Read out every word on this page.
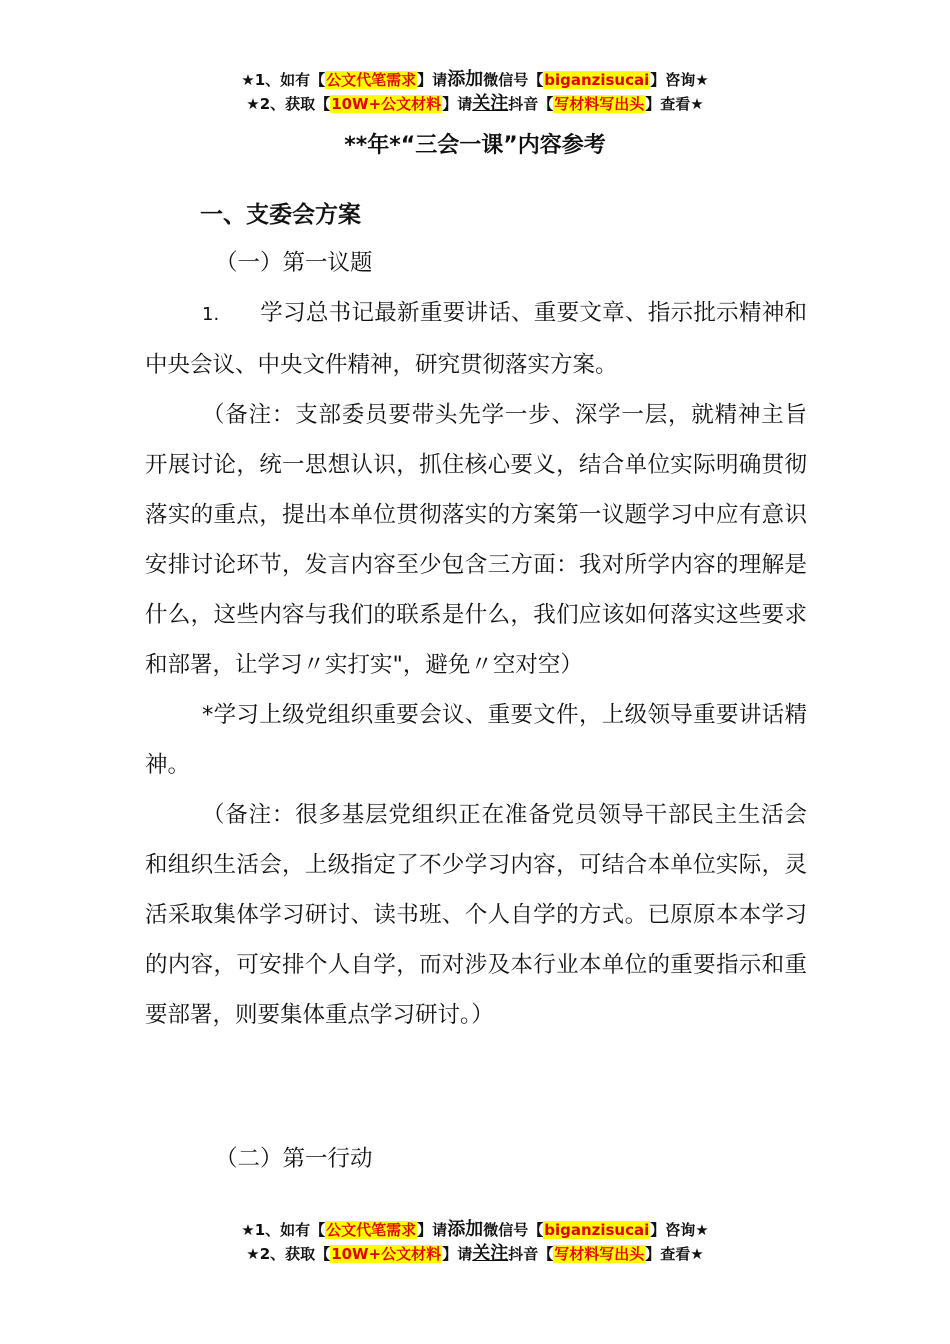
★1、如有【公文代笔需求】请添加微信号【biganzisucai】咨询★
★2、获取【10W+公文材料】请关注抖音【写材料写出头】查看★
**年*“三会一课”内容参考
一、支委会方案
（一）第一议题

1. 学习总书记最新重要讲话、重要文章、指示批示精神和中央会议、中央文件精神，研究贯彻落实方案。

（备注：支部委员要带头先学一步、深学一层，就精神主旨开展讨论，统一思想认识，抓住核心要义，结合单位实际明确贯彻落实的重点，提出本单位贯彻落实的方案第一议题学习中应有意识安排讨论环节，发言内容至少包含三方面：我对所学内容的理解是什么，这些内容与我们的联系是什么，我们应该如何落实这些要求和部署，让学习〃实打实"，避免〃空对空）

*学习上级党组织重要会议、重要文件，上级领导重要讲话精神。

（备注：很多基层党组织正在准备党员领导干部民主生活会和组织生活会，上级指定了不少学习内容，可结合本单位实际，灵活采取集体学习研讨、读书班、个人自学的方式。已原原本本学习的内容，可安排个人自学，而对涉及本行业本单位的重要指示和重要部署，则要集体重点学习研讨。）

（二）第一行动
★1、如有【公文代笔需求】请添加微信号【biganzisucai】咨询★
★2、获取【10W+公文材料】请关注抖音【写材料写出头】查看★
